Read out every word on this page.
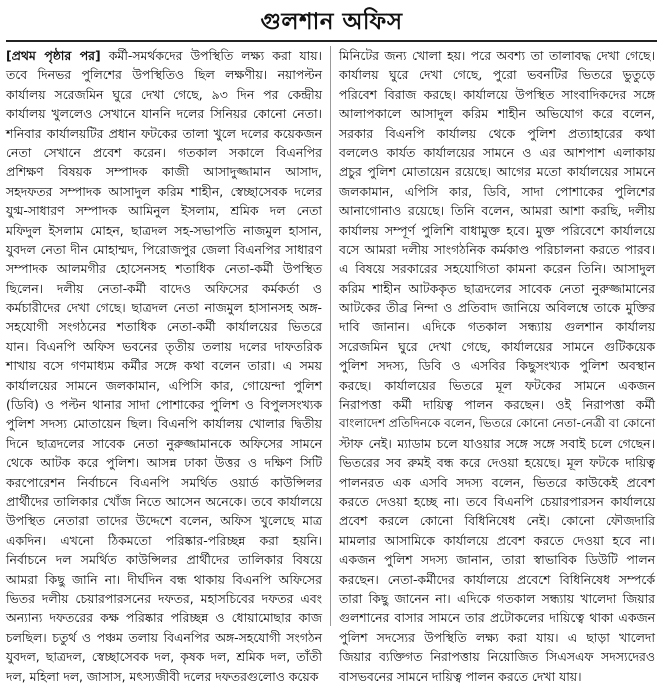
গুলশান অফিস
[প্রথম পৃষ্ঠার পর] কর্মী-সমর্থকদের উপস্থিতি লক্ষ্য করা যায়।
তবে দিনভর পুলিশের উপস্থিতিও ছিল লক্ষণীয়। নয়াপল্টন
কার্যালয় সরেজমিন ঘুরে দেখা গেছে, ৯৩ দিন পর কেন্দ্রীয়
কার্যালয় খুললেও সেখানে যাননি দলের সিনিয়র কোনো নেতা।
শনিবার কার্যালয়টির প্রধান ফটকের তালা খুলে দলের কয়েকজন
নেতা সেখানে প্রবেশ করেন। গতকাল সকালে বিএনপির
প্রশিক্ষণ বিষয়ক সম্পাদক কাজী আসাদুজ্জামান আসাদ,
সহদফতর সম্পাদক আসাদুল করিম শাহীন, স্বেচ্ছাসেবক দলের
যুগ্ম-সাধারণ সম্পাদক আমিনুল ইসলাম, শ্রমিক দল নেতা
মফিদুল ইসলাম মোহন, ছাত্রদল সহ-সভাপতি নাজমুল হাসান,
যুবদল নেতা দীন মোহাম্মদ, পিরোজপুর জেলা বিএনপির সাধারণ
সম্পাদক আলমগীর হোসেনসহ শতাধিক নেতা-কর্মী উপস্থিত
ছিলেন। দলীয় নেতা-কর্মী বাদেও অফিসের কর্মকর্তা ও
কর্মচারীদের দেখা গেছে। ছাত্রদল নেতা নাজমুল হাসানসহ অঙ্গ-
সহযোগী সংগঠনের শতাধিক নেতা-কর্মী কার্যালয়ের ভিতরে
যান। বিএনপি অফিস ভবনের তৃতীয় তলায় দলের দাফতরিক
শাখায় বসে গণমাধ্যম কর্মীর সঙ্গে কথা বলেন তারা। এ সময়
কার্যালয়ের সামনে জলকামান, এপিসি কার, গোয়েন্দা পুলিশ
(ডিবি) ও পল্টন থানার সাদা পোশাকের পুলিশ ও বিপুলসংখ্যক
পুলিশ সদস্য মোতায়েন ছিল। বিএনপি কার্যালয় খোলার দ্বিতীয়
দিনে ছাত্রদলের সাবেক নেতা নুরুজ্জামানকে অফিসের সামনে
থেকে আটক করে পুলিশ। আসন্ন ঢাকা উত্তর ও দক্ষিণ সিটি
করপোরেশন নির্বাচনে বিএনপি সমর্থিত ওয়ার্ড কাউন্সিলর
প্রার্থীদের তালিকার খোঁজ নিতে আসেন অনেকে। তবে কার্যালয়ে
উপস্থিত নেতারা তাদের উদ্দেশে বলেন, অফিস খুলেছে মাত্র
একদিন। এখনো ঠিকমতো পরিষ্কার-পরিচ্ছন্ন করা হয়নি।
নির্বাচনে দল সমর্থিত কাউন্সিলর প্রার্থীদের তালিকার বিষয়ে
আমরা কিছু জানি না। দীর্ঘদিন বন্ধ থাকায় বিএনপি অফিসের
ভিতর দলীয় চেয়ারপারসনের দফতর, মহাসচিবের দফতর এবং
অন্যান্য দফতরের কক্ষ পরিষ্কার পরিচ্ছন্ন ও ধোয়ামোছার কাজ
চলছিল। চতুর্থ ও পঞ্চম তলায় বিএনপির অঙ্গ-সহযোগী সংগঠন
যুবদল, ছাত্রদল, স্বেচ্ছাসেবক দল, কৃষক দল, শ্রমিক দল, তাঁতী
দল, মহিলা দল, জাসাস, মৎস্যজীবী দলের দফতরগুলোও কয়েক
মিনিটের জন্য খোলা হয়। পরে অবশ্য তা তালাবদ্ধ দেখা গেছে।
কার্যালয় ঘুরে দেখা গেছে, পুরো ভবনটির ভিতরে ভুতুড়ে
পরিবেশ বিরাজ করছে। কার্যালয়ে উপস্থিত সাংবাদিকদের সঙ্গে
আলাপকালে আসাদুল করিম শাহীন অভিযোগ করে বলেন,
সরকার বিএনপি কার্যালয় থেকে পুলিশ প্রত্যাহারের কথা
বললেও কার্যত কার্যালয়ের সামনে ও এর আশপাশ এলাকায়
প্রচুর পুলিশ মোতায়েন রয়েছে। আগের মতো কার্যালয়ের সামনে
জলকামান, এপিসি কার, ডিবি, সাদা পোশাকের পুলিশের
আনাগোনাও রয়েছে। তিনি বলেন, আমরা আশা করছি, দলীয়
কার্যালয় সম্পূর্ণ পুলিশি বাধামুক্ত হবে। মুক্ত পরিবেশে কার্যালয়ে
বসে আমরা দলীয় সাংগঠনিক কর্মকাণ্ড পরিচালনা করতে পারব।
এ বিষয়ে সরকারের সহযোগিতা কামনা করেন তিনি। আসাদুল
করিম শাহীন আটককৃত ছাত্রদলের সাবেক নেতা নুরুজ্জামানের
আটকের তীব্র নিন্দা ও প্রতিবাদ জানিয়ে অবিলম্বে তাকে মুক্তির
দাবি জানান। এদিকে গতকাল সন্ধ্যায় গুলশান কার্যালয়
সরেজমিন ঘুরে দেখা গেছে, কার্যালয়ের সামনে গুটিকয়েক
পুলিশ সদস্য, ডিবি ও এসবির কিছুসংখ্যক পুলিশ অবস্থান
করছে। কার্যালয়ের ভিতরে মূল ফটকের সামনে একজন
নিরাপত্তা কর্মী দায়িত্ব পালন করছেন। ওই নিরাপত্তা কর্মী
বাংলাদেশ প্রতিদিনকে বলেন, ভিতরে কোনো নেতা-নেত্রী বা কোনো
স্টাফ নেই। ম্যাডাম চলে যাওয়ার সঙ্গে সঙ্গে সবাই চলে গেছেন।
ভিতরের সব রুমই বন্ধ করে দেওয়া হয়েছে। মূল ফটকে দায়িত্ব
পালনরত এক এসবি সদস্য বলেন, ভিতরে কাউকেই প্রবেশ
করতে দেওয়া হচ্ছে না। তবে বিএনপি চেয়ারপারসন কার্যালয়ে
প্রবেশ করলে কোনো বিধিনিষেধ নেই। কোনো ফৌজদারি
মামলার আসামিকে কার্যালয়ে প্রবেশ করতে দেওয়া হবে না।
একজন পুলিশ সদস্য জানান, তারা স্বাভাবিক ডিউটি পালন
করছেন। নেতা-কর্মীদের কার্যালয়ে প্রবেশে বিধিনিষেধ সম্পর্কে
তারা কিছু জানেন না। এদিকে গতকাল সন্ধ্যায় খালেদা জিয়ার
গুলশানের বাসার সামনে তার প্রটোকলের দায়িত্বে থাকা একজন
পুলিশ সদস্যের উপস্থিতি লক্ষ্য করা যায়। এ ছাড়া খালেদা
জিয়ার ব্যক্তিগত নিরাপত্তায় নিয়োজিত সিএসএফ সদস্যদেরও
বাসভবনের সামনে দায়িত্ব পালন করতে দেখা যায়।
